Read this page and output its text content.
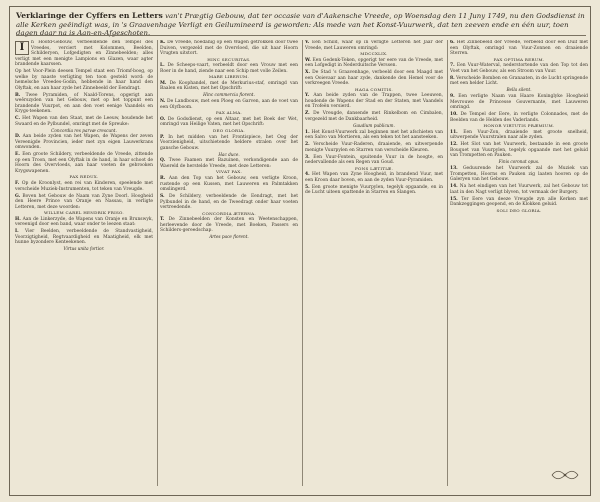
Verklaringe der Cyffers en Letters van't Prægtig Gebouw, dat ter occasie van d'Aakensche Vreede, op Woensdag den 11 Juny 1749, nu den Godsdienst in alle Kerken geëindigt was, in 's Graavenhage Verligt en Geilumineerd is geworden: Als mede van het Konst-Vuurwerk, dat ten zeeven ende en één uur, toen dagen daar na is Aan-en-Afgeschoten.
I	n Hoofd-Gebouw, verbeeldende den Tempel des Vreedes, verciert met Kolommen, Beelden, Schilderyen, Lofgedigten en Zinnebeelden; alles verligt met een menigte Lampions en Glazen, waar agter brandende kaarssen.

Op het Voor-Plein deesen Tempel staat een Triomf-boog, op welke by naaste verligting ten toon gesteld word: de hemelsche Vreedes-Godin, hebbende in haar hand den Olyftak, en aan haar zyde het Zinnebeeld der Eendragt.

B. Twee Pyramiden, of Naald-Torens, opgerigt aan weêrszyden van het Gebouw, met op het toppunt een brandende Vuurpot, en aan den voet eenige Vaandels en Krygs-teekenen.

C. Het Wapen van den Staat, met de Leeuw, houdende het Swaard en de Pylbundel, omringt met de Spreuke:

Concordia res parvæ crescunt.

D. Aan beide zyden van het Wapen, de Wapens der zeven Vereenigde Provincien, ieder met zyn eigen Lauwerkrans omwonden.

E. Een groote Schildery, verbeeldende de Vreede, zittende op een Troon, met een Olyftak in de hand, in haar schoot de Hoorn des Overvloeds, aan haar voeten de gebrooken Krygswapenen.

PAX REDUX.

F. Op de Kroonlyst, een rei van Kinderen, speelende met verscheide Muziek-Instrumenten, tot teken van Vreugde.

G. Boven het Gebouw de Naam van Zyne Doorl. Hoogheid den Heere Prince van Oranje en Nassau, in verligte Letteren, met deze woorden:

WILLEM CAREL HENDRIK FRISO.

H. Aan de Linkerzyde, de Wapens van Oranje en Brunswyk, vereenigd door een band, waar onder te leezen staat:

I. Vier Beelden, verbeeldende de Standvastigheid, Voorzigtigheid, Regtvaardigheid en Maatigheid, elk met hunne byzondere Kenteekenen.

Virtus unita fortior.

K. De Vreede, hoedanig op een Wagen getrokken door twee Duiven, vergezeld met de Overvloed, die uit haar Hoorn Vrugten uitstort.

HINC SECURITAS.

L. De Scheeps-vaart, verbeeldt door een Vrouw met een Roer in de hand, ziende naar een Schip met volle Zeilen.

MARE LIBERUM.

M. De Koophandel, met de Merkurius-staf, omringd van Baalen en Kisten, met het Opschrift:

Hinc commercia florent.

N. De Landbouw, met een Ploeg en Garven, aan de voet van een Olyfboom.

PAX ALMA.

O. De Godsdienst, op een Altaar, met het Boek der Wet, omringd van Heilige Vaten, met het Opschrift:

DEO GLORIA.

P. In het midden van het Frontispiece, het Oog der Voorzienigheid, uitschietende heldere stralen over het gansche Gebouw.

Hac duce.

Q. Twee Faamen met Bazuinen, verkondigende aan de Waereld de herstelde Vreede, met deze Letteren:

VIVAT PAX.

R. Aan den Top van het Gebouw, een verligte Kroon, rustende op een Kussen, met Lauweren en Palmtakken omslingerd.

S. De Schildery, verbeeldende de Eendragt, met het Pylbundel in de hand, en de Tweedragt onder haar voeten vertreedende.

CONCORDIA ÆTERNA.

T. De Zinnebeelden der Konsten en Weetenschappen, herleevende door de Vreede, met Boeken, Passers en Schilders-gereedschap.

Artes pace florent.

V. Een Schild, waar op in verligte Letteren het Jaar der Vreede, met Lauweren omringd:

MDCCXLIX.

W. Een Gedenk-Teken, opgerigt ter eere van de Vreede, met een Lofgedigt in Nederduitsche Verssen.

X. De Stad 's Graavenhage, verbeeld door een Maagd met een Ooievaar aan haar zyde, dankende den Hemel voor de verkreegen Vreede.

HAGA COMITIS.

Y. Aan beide zyden van de Trappen, twee Leeuwen, houdende de Wapens der Stad en der Staten, met Vaandels en Trofeën versierd.

Z. De Vreugde, dansende met Rinkelbom en Cimbalen, vergezeld met de Dankbaarheid.

Gaudium publicum.

1. Het Konst-Vuurwerk zal beginnen met het afschieten van een Salvo van Mortieren, als een teken tot het aansteeken.

2. Verscheide Vuur-Raderen, draaiende, en uitwerpende menigte Vuurpylen en Starren van verscheide Kleuren.

3. Een Vuur-Fontein, spuitende Vuur in de hoogte, en nedervallende als een Regen van Goud.

FONS LÆTITIÆ.

4. Het Wapen van Zyne Hoogheid, in brandend Vuur, met een Kroon daar boven, en aan de zyden Vuur-Pyramiden.

5. Een groote menigte Vuurpylen, tegelyk opgaande, en in de Lucht uiteen spattende in Starren en Slangen.

6. Het Zinnebeeld der Vreede, verbeeld door een Duif met een Olyftak, omringd van Vuur-Zonnen en draaiende Sterren.

PAX OPTIMA RERUM.

7. Een Vuur-Waterval, nederstortende van den Top tot den Voet van het Gebouw, als een Stroom van Vuur.

8. Verscheide Bomben en Granaaten, in de Lucht springende met een helder Licht.

Bella silent.

9. Een verligte Naam van Haare Koninglyke Hoogheid Mevrouwe de Princesse Gouvernante, met Lauweren omringd.

10. De Tempel der Eere, in verligte Colonnades, met de Beelden van de Helden des Vaderlands.

HONOR VIRTUTIS PRÆMIUM.

11. Een Vuur-Zon, draaiende met groote snelheid, uitwerpende Vuurstralen naar alle zyden.

12. Het Slot van het Vuurwerk, bestaande in een groote Bouquet van Vuurpylen, tegelyk opgaande met het geluid van Trompetten en Pauken.

Finis coronat opus.

13. Geduurende het Vuurwerk zal de Muziek van Trompetten, Hoorns en Pauken zig laaten hooren op de Galeryen van het Gebouw.

14. Na het eindigen van het Vuurwerk, zal het Gebouw tot laat in den Nagt verligt blyven, tot vermaak der Burgery.

15. Ter Eere van deeze Vreugde zyn alle Kerken met Dankzeggingen geopend, en de Klokken geluid.

SOLI DEO GLORIA.
